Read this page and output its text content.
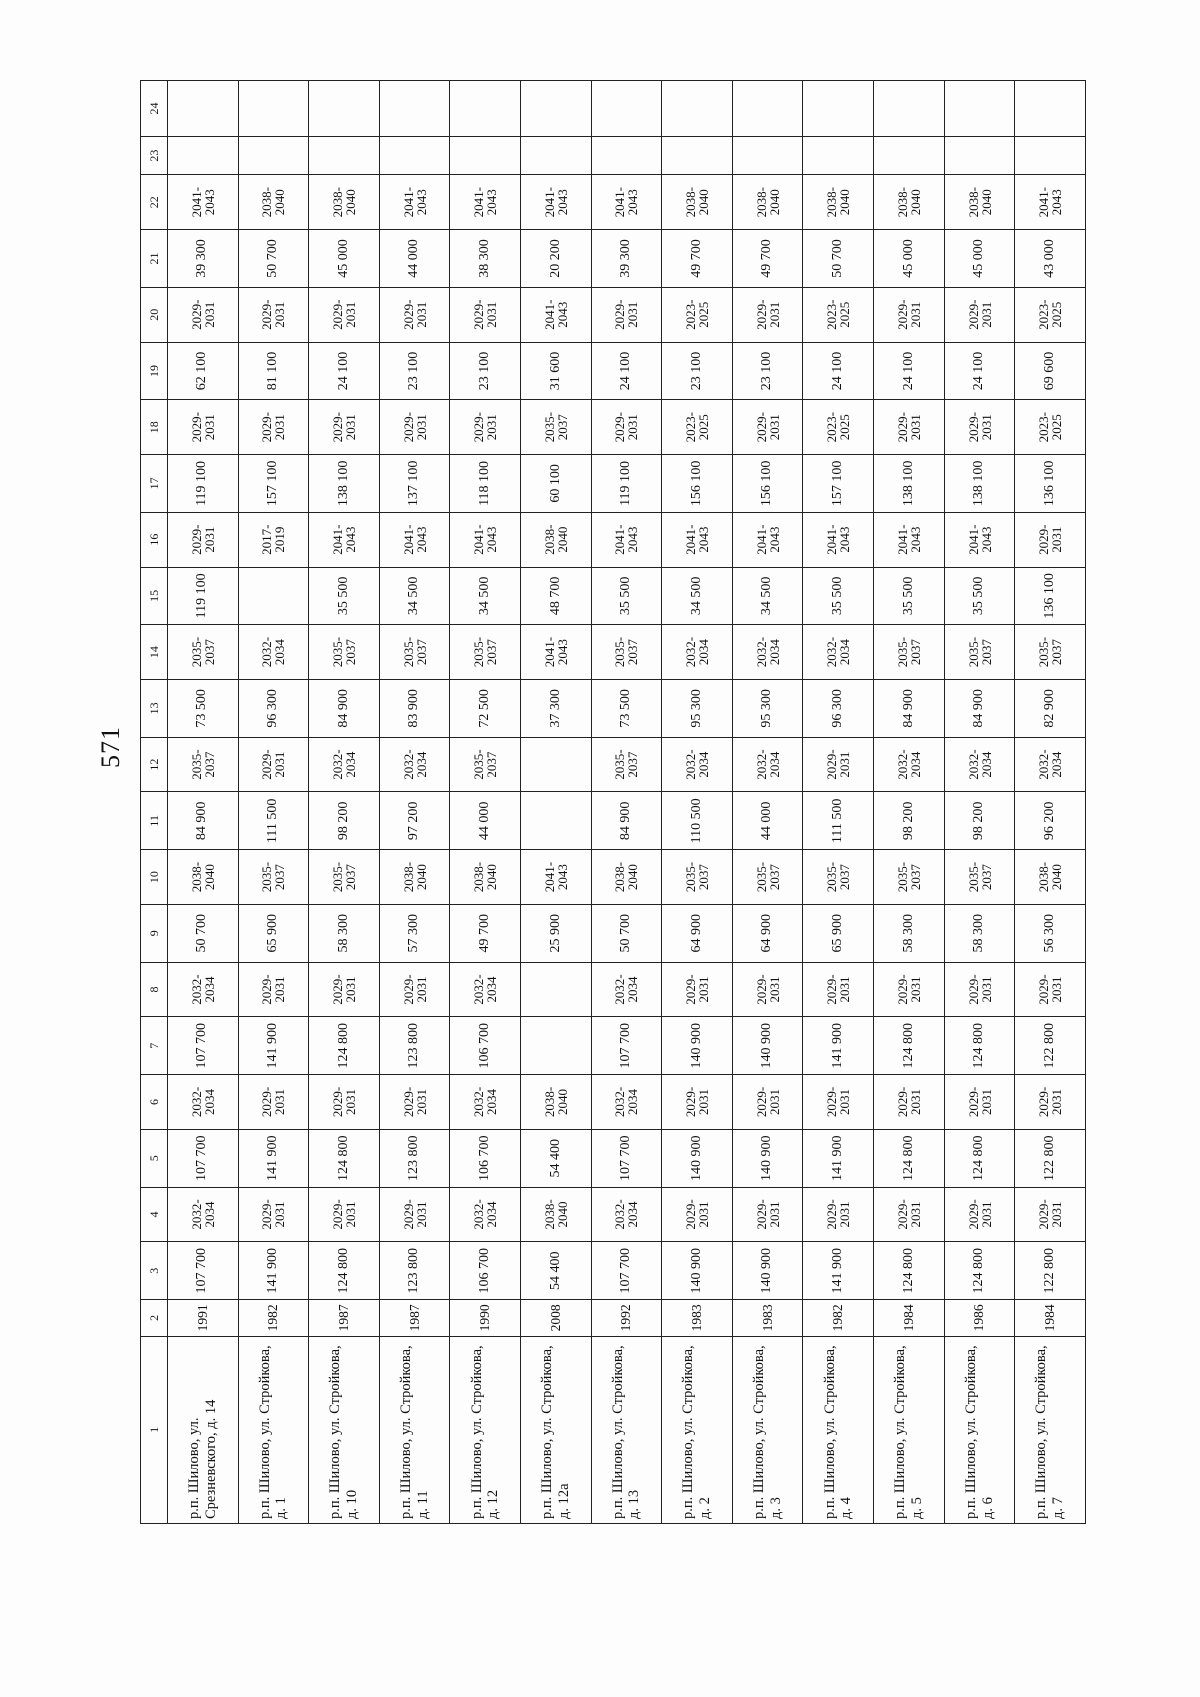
571
1	2	3	4	5	6	7	8	9	10	11	12	13	14	15	16	17	18	19	20	21	22	23	24
р.п. Шилово, ул. Срезневского, д. 14	1991	107 700	2032-2034	107 700	2032-2034	107 700	2032-2034	50 700	2038-2040	84 900	2035-2037	73 500	2035-2037	119 100	2029-2031	119 100	2029-2031	62 100	2029-2031	39 300	2041-2043		
р.п. Шилово, ул. Стройкова, д. 1	1982	141 900	2029-2031	141 900	2029-2031	141 900	2029-2031	65 900	2035-2037	111 500	2029-2031	96 300	2032-2034		2017-2019	157 100	2029-2031	81 100	2029-2031	50 700	2038-2040		
р.п. Шилово, ул. Стройкова, д. 10	1987	124 800	2029-2031	124 800	2029-2031	124 800	2029-2031	58 300	2035-2037	98 200	2032-2034	84 900	2035-2037	35 500	2041-2043	138 100	2029-2031	24 100	2029-2031	45 000	2038-2040		
р.п. Шилово, ул. Стройкова, д. 11	1987	123 800	2029-2031	123 800	2029-2031	123 800	2029-2031	57 300	2038-2040	97 200	2032-2034	83 900	2035-2037	34 500	2041-2043	137 100	2029-2031	23 100	2029-2031	44 000	2041-2043		
р.п. Шилово, ул. Стройкова, д. 12	1990	106 700	2032-2034	106 700	2032-2034	106 700	2032-2034	49 700	2038-2040	44 000	2035-2037	72 500	2035-2037	34 500	2041-2043	118 100	2029-2031	23 100	2029-2031	38 300	2041-2043		
р.п. Шилово, ул. Стройкова, д. 12а	2008	54 400	2038-2040	54 400	2038-2040			25 900	2041-2043			37 300	2041-2043	48 700	2038-2040	60 100	2035-2037	31 600	2041-2043	20 200	2041-2043		
р.п. Шилово, ул. Стройкова, д. 13	1992	107 700	2032-2034	107 700	2032-2034	107 700	2032-2034	50 700	2038-2040	84 900	2035-2037	73 500	2035-2037	35 500	2041-2043	119 100	2029-2031	24 100	2029-2031	39 300	2041-2043		
р.п. Шилово, ул. Стройкова, д. 2	1983	140 900	2029-2031	140 900	2029-2031	140 900	2029-2031	64 900	2035-2037	110 500	2032-2034	95 300	2032-2034	34 500	2041-2043	156 100	2023-2025	23 100	2023-2025	49 700	2038-2040		
р.п. Шилово, ул. Стройкова, д. 3	1983	140 900	2029-2031	140 900	2029-2031	140 900	2029-2031	64 900	2035-2037	44 000	2032-2034	95 300	2032-2034	34 500	2041-2043	156 100	2029-2031	23 100	2029-2031	49 700	2038-2040		
р.п. Шилово, ул. Стройкова, д. 4	1982	141 900	2029-2031	141 900	2029-2031	141 900	2029-2031	65 900	2035-2037	111 500	2029-2031	96 300	2032-2034	35 500	2041-2043	157 100	2023-2025	24 100	2023-2025	50 700	2038-2040		
р.п. Шилово, ул. Стройкова, д. 5	1984	124 800	2029-2031	124 800	2029-2031	124 800	2029-2031	58 300	2035-2037	98 200	2032-2034	84 900	2035-2037	35 500	2041-2043	138 100	2029-2031	24 100	2029-2031	45 000	2038-2040		
р.п. Шилово, ул. Стройкова, д. 6	1986	124 800	2029-2031	124 800	2029-2031	124 800	2029-2031	58 300	2035-2037	98 200	2032-2034	84 900	2035-2037	35 500	2041-2043	138 100	2029-2031	24 100	2029-2031	45 000	2038-2040		
р.п. Шилово, ул. Стройкова, д. 7	1984	122 800	2029-2031	122 800	2029-2031	122 800	2029-2031	56 300	2038-2040	96 200	2032-2034	82 900	2035-2037	136 100	2029-2031	136 100	2023-2025	69 600	2023-2025	43 000	2041-2043		
